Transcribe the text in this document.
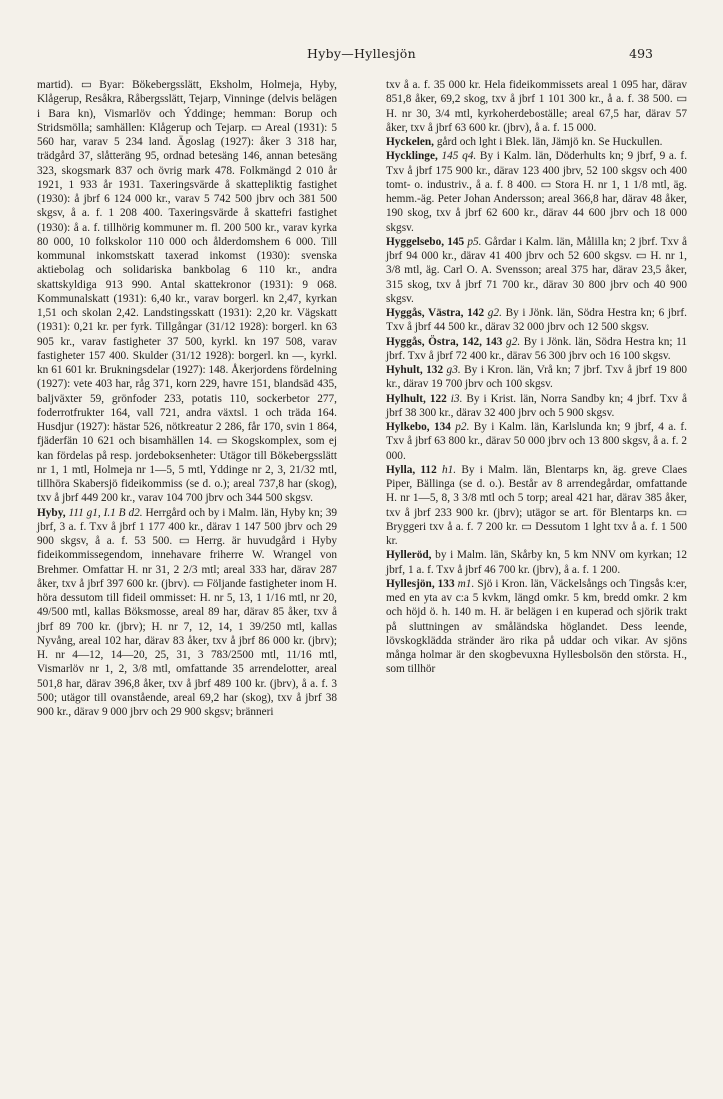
Hyby—Hyllesjön	493

martid). ▭ Byar: Bökebergsslätt, Eksholm, Holmeja, Hyby, Klågerup, Resåkra, Råbergsslätt, Tejarp, Vinninge (delvis belägen i Bara kn), Vismarlöv och Ýddinge; hemman: Borup och Stridsmölla; samhällen: Klågerup och Tejarp. ▭ Areal (1931): 5 560 har, varav 5 234 land. Ägoslag (1927): åker 3 318 har, trädgård 37, slåtteräng 95, ordnad betesäng 146, annan betesäng 323, skogsmark 837 och övrig mark 478. Folkmängd 2 010 år 1921, 1 933 år 1931. Taxeringsvärde å skattepliktig fastighet (1930): å jbrf 6 124 000 kr., varav 5 742 500 jbrv och 381 500 skgsv, å a. f. 1 208 400. Taxeringsvärde å skattefri fastighet (1930): å a. f. tillhörig kommuner m. fl. 200 500 kr., varav kyrka 80 000, 10 folkskolor 110 000 och ålderdomshem 6 000. Till kommunal inkomstskatt taxerad inkomst (1930): svenska aktiebolag och solidariska bankbolag 6 110 kr., andra skattskyldiga 913 990. Antal skattekronor (1931): 9 068. Kommunalskatt (1931): 6,40 kr., varav borgerl. kn 2,47, kyrkan 1,51 och skolan 2,42. Landstingsskatt (1931): 2,20 kr. Vägskatt (1931): 0,21 kr. per fyrk. Tillgångar (31/12 1928): borgerl. kn 63 905 kr., varav fastigheter 37 500, kyrkl. kn 197 508, varav fastigheter 157 400. Skulder (31/12 1928): borgerl. kn —, kyrkl. kn 61 601 kr. Brukningsdelar (1927): 148. Åkerjordens fördelning (1927): vete 403 har, råg 371, korn 229, havre 151, blandsäd 435, baljväxter 59, grönfoder 233, potatis 110, sockerbetor 277, foderrotfrukter 164, vall 721, andra växtsl. 1 och träda 164. Husdjur (1927): hästar 526, nötkreatur 2 286, får 170, svin 1 864, fjäderfän 10 621 och bisamhällen 14. ▭ Skogskomplex, som ej kan fördelas på resp. jordeboksenheter: Utägor till Bökebergsslätt nr 1, 1 mtl, Holmeja nr 1—5, 5 mtl, Yddinge nr 2, 3, 21/32 mtl, tillhöra Skabersjö fideikommiss (se d. o.); areal 737,8 har (skog), txv å jbrf 449 200 kr., varav 104 700 jbrv och 344 500 skgsv.

Hyby, 111 g1, I.1 B d2. Herrgård och by i Malm. län, Hyby kn; 39 jbrf, 3 a. f. Txv å jbrf 1 177 400 kr., därav 1 147 500 jbrv och 29 900 skgsv, å a. f. 53 500. ▭ Herrg. är huvudgård i Hyby fideikommissegendom, innehavare friherre W. Wrangel von Brehmer. Omfattar H. nr 31, 2 2/3 mtl; areal 333 har, därav 287 åker, txv å jbrf 397 600 kr. (jbrv). ▭ Följande fastigheter inom H. höra dessutom till fideil ommisset: H. nr 5, 13, 1 1/16 mtl, nr 20, 49/500 mtl, kallas Böksmosse, areal 89 har, därav 85 åker, txv å jbrf 89 700 kr. (jbrv); H. nr 7, 12, 14, 1 39/250 mtl, kallas Nyvång, areal 102 har, därav 83 åker, txv å jbrf 86 000 kr. (jbrv); H. nr 4—12, 14—20, 25, 31, 3 783/2500 mtl, 11/16 mtl, Vismarlöv nr 1, 2, 3/8 mtl, omfattande 35 arrendelotter, areal 501,8 har, därav 396,8 åker, txv å jbrf 489 100 kr. (jbrv), å a. f. 3 500; utägor till ovanstående, areal 69,2 har (skog), txv å jbrf 38 900 kr., därav 9 000 jbrv och 29 900 skgsv; bränneri

txv å a. f. 35 000 kr. Hela fideikommissets areal 1 095 har, därav 851,8 åker, 69,2 skog, txv å jbrf 1 101 300 kr., å a. f. 38 500. ▭ H. nr 30, 3/4 mtl, kyrkoherdeboställe; areal 67,5 har, därav 57 åker, txv å jbrf 63 600 kr. (jbrv), å a. f. 15 000.

Hyckelen, gård och lght i Blek. län, Jämjö kn. Se Huckullen.

Hycklinge, 145 q4. By i Kalm. län, Döderhults kn; 9 jbrf, 9 a. f. Txv å jbrf 175 900 kr., därav 123 400 jbrv, 52 100 skgsv och 400 tomt- o. industriv., å a. f. 8 400. ▭ Stora H. nr 1, 1 1/8 mtl, äg. hemm.-äg. Peter Johan Andersson; areal 366,8 har, därav 48 åker, 190 skog, txv å jbrf 62 600 kr., därav 44 600 jbrv och 18 000 skgsv.

Hyggelsebo, 145 p5. Gårdar i Kalm. län, Målilla kn; 2 jbrf. Txv å jbrf 94 000 kr., därav 41 400 jbrv och 52 600 skgsv. ▭ H. nr 1, 3/8 mtl, äg. Carl O. A. Svensson; areal 375 har, därav 23,5 åker, 315 skog, txv å jbrf 71 700 kr., därav 30 800 jbrv och 40 900 skgsv.

Hyggås, Västra, 142 g2. By i Jönk. län, Södra Hestra kn; 6 jbrf. Txv å jbrf 44 500 kr., därav 32 000 jbrv och 12 500 skgsv.

Hyggås, Östra, 142, 143 g2. By i Jönk. län, Södra Hestra kn; 11 jbrf. Txv å jbrf 72 400 kr., därav 56 300 jbrv och 16 100 skgsv.

Hyhult, 132 g3. By i Kron. län, Vrå kn; 7 jbrf. Txv å jbrf 19 800 kr., därav 19 700 jbrv och 100 skgsv.

Hylhult, 122 i3. By i Krist. län, Norra Sandby kn; 4 jbrf. Txv å jbrf 38 300 kr., därav 32 400 jbrv och 5 900 skgsv.

Hylkebo, 134 p2. By i Kalm. län, Karlslunda kn; 9 jbrf, 4 a. f. Txv å jbrf 63 800 kr., därav 50 000 jbrv och 13 800 skgsv, å a. f. 2 000.

Hylla, 112 h1. By i Malm. län, Blentarps kn, äg. greve Claes Piper, Bällinga (se d. o.). Består av 8 arrendegårdar, omfattande H. nr 1—5, 8, 3 3/8 mtl och 5 torp; areal 421 har, därav 385 åker, txv å jbrf 233 900 kr. (jbrv); utägor se art. för Blentarps kn. ▭ Bryggeri txv å a. f. 7 200 kr. ▭ Dessutom 1 lght txv å a. f. 1 500 kr.

Hylleröd, by i Malm. län, Skårby kn, 5 km NNV om kyrkan; 12 jbrf, 1 a. f. Txv å jbrf 46 700 kr. (jbrv), å a. f. 1 200.

Hyllesjön, 133 m1. Sjö i Kron. län, Väckelsångs och Tingsås k:er, med en yta av c:a 5 kvkm, längd omkr. 5 km, bredd omkr. 2 km och höjd ö. h. 140 m. H. är belägen i en kuperad och sjörik trakt på sluttningen av småländska höglandet. Dess leende, lövskogklädda stränder äro rika på uddar och vikar. Av sjöns många holmar är den skogbevuxna Hyllesbolsön den största. H., som tillhör
